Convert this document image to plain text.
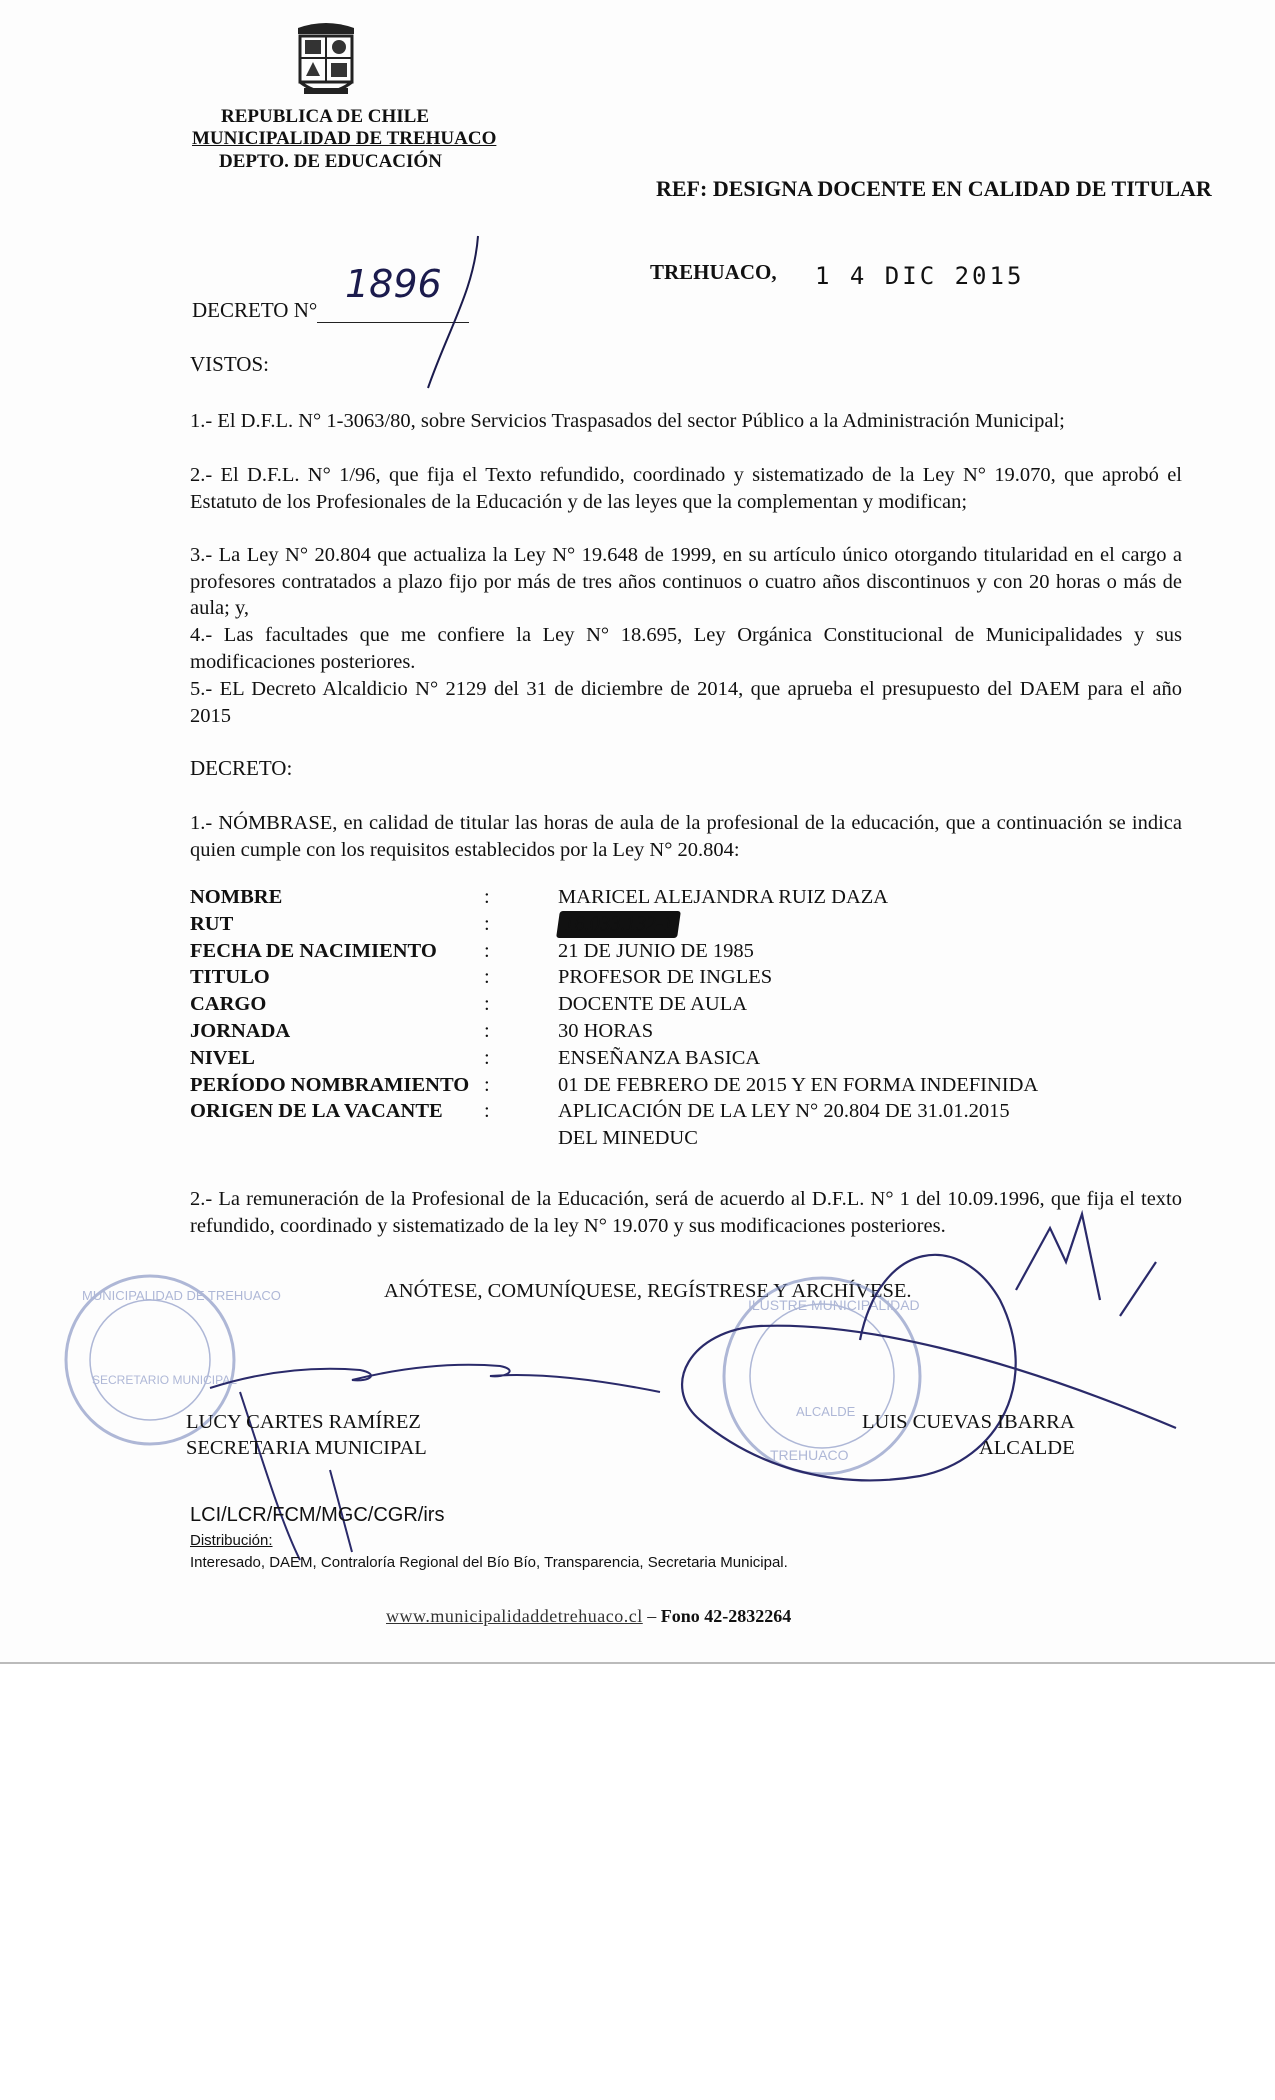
REPUBLICA DE CHILE
MUNICIPALIDAD DE TREHUACO
DEPTO. DE EDUCACIÓN
REF: DESIGNA DOCENTE EN CALIDAD DE TITULAR
TREHUACO, 1 4 DIC 2015
DECRETO N°
1896
VISTOS:
1.- El D.F.L. N° 1-3063/80, sobre Servicios Traspasados del sector Público a la Administración Municipal;
2.- El D.F.L. N° 1/96, que fija el Texto refundido, coordinado y sistematizado de la Ley N° 19.070, que aprobó el Estatuto de los Profesionales de la Educación y de las leyes que la complementan y modifican;
3.- La Ley N° 20.804 que actualiza la Ley N° 19.648 de 1999, en su artículo único otorgando titularidad en el cargo a profesores contratados a plazo fijo por más de tres años continuos o cuatro años discontinuos y con 20 horas o más de aula; y,
4.- Las facultades que me confiere la Ley N° 18.695, Ley Orgánica Constitucional de Municipalidades y sus modificaciones posteriores.
5.- EL Decreto Alcaldicio N° 2129 del 31 de diciembre de 2014, que aprueba el presupuesto del DAEM para el año 2015
DECRETO:
1.- NÓMBRASE, en calidad de titular las horas de aula de la profesional de la educación, que a continuación se indica quien cumple con los requisitos establecidos por la Ley N° 20.804:
NOMBRE	:	MARICEL ALEJANDRA RUIZ DAZA
RUT	:	16.033.132-1
FECHA DE NACIMIENTO :	21 DE JUNIO DE 1985
TITULO	:	PROFESOR DE INGLES
CARGO	:	DOCENTE DE AULA
JORNADA	:	30 HORAS
NIVEL	:	ENSEÑANZA BASICA
PERÍODO NOMBRAMIENTO :	01 DE FEBRERO DE 2015 Y EN FORMA INDEFINIDA
ORIGEN DE LA VACANTE :	APLICACIÓN DE LA LEY N° 20.804 DE 31.01.2015
DEL MINEDUC
2.- La remuneración de la Profesional de la Educación, será de acuerdo al D.F.L. N° 1 del 10.09.1996, que fija el texto refundido, coordinado y sistematizado de la ley N° 19.070 y sus modificaciones posteriores.
ANÓTESE, COMUNÍQUESE, REGÍSTRESE Y ARCHÍVESE.
MUNICIPALIDAD DE TREHUACO
SECRETARIO MUNICIPAL
ILUSTRE MUNICIPALIDAD
ALCALDE
TREHUACO
LUCY CARTES RAMÍREZ
SECRETARIA MUNICIPAL
LUIS CUEVAS IBARRA
ALCALDE
LCI/LCR/FCM/MGC/CGR/irs
Distribución:
Interesado, DAEM, Contraloría Regional del Bío Bío, Transparencia, Secretaria Municipal.
www.municipalidaddetrehuaco.cl – Fono 42-2832264
